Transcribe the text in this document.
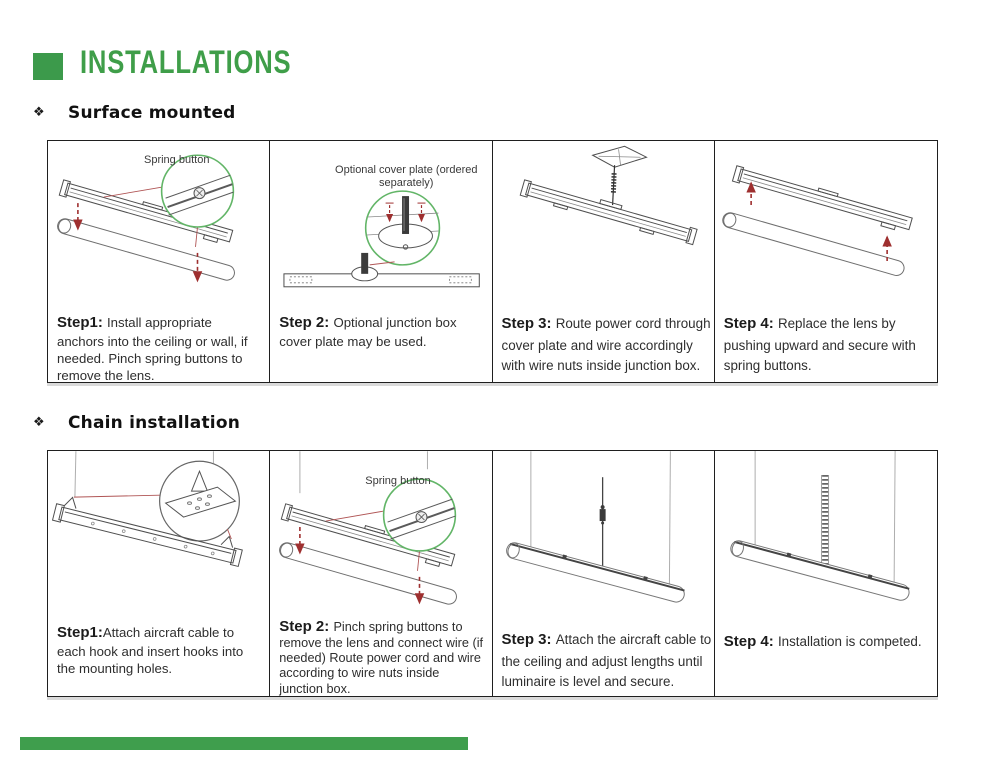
INSTALLATIONS
❖ Surface mounted
Spring button
Step1: Install appropriate anchors into the ceiling or wall, if needed. Pinch spring buttons to remove the lens.
Optional cover plate (ordered separately)
Step 2: Optional junction box cover plate may be used.
Step 3: Route power cord through cover plate and wire accordingly with wire nuts inside junction box.
Step 4: Replace the lens by pushing upward and secure with spring buttons.
❖ Chain installation
Step1:Attach aircraft cable to each hook and insert hooks into the mounting holes.
Spring button
Step 2: Pinch spring buttons to remove the lens and connect wire (if needed) Route power cord and wire according to wire nuts inside junction box.
Step 3: Attach the aircraft cable to the ceiling and adjust lengths until luminaire is level and secure.
Step 4: Installation is competed.
